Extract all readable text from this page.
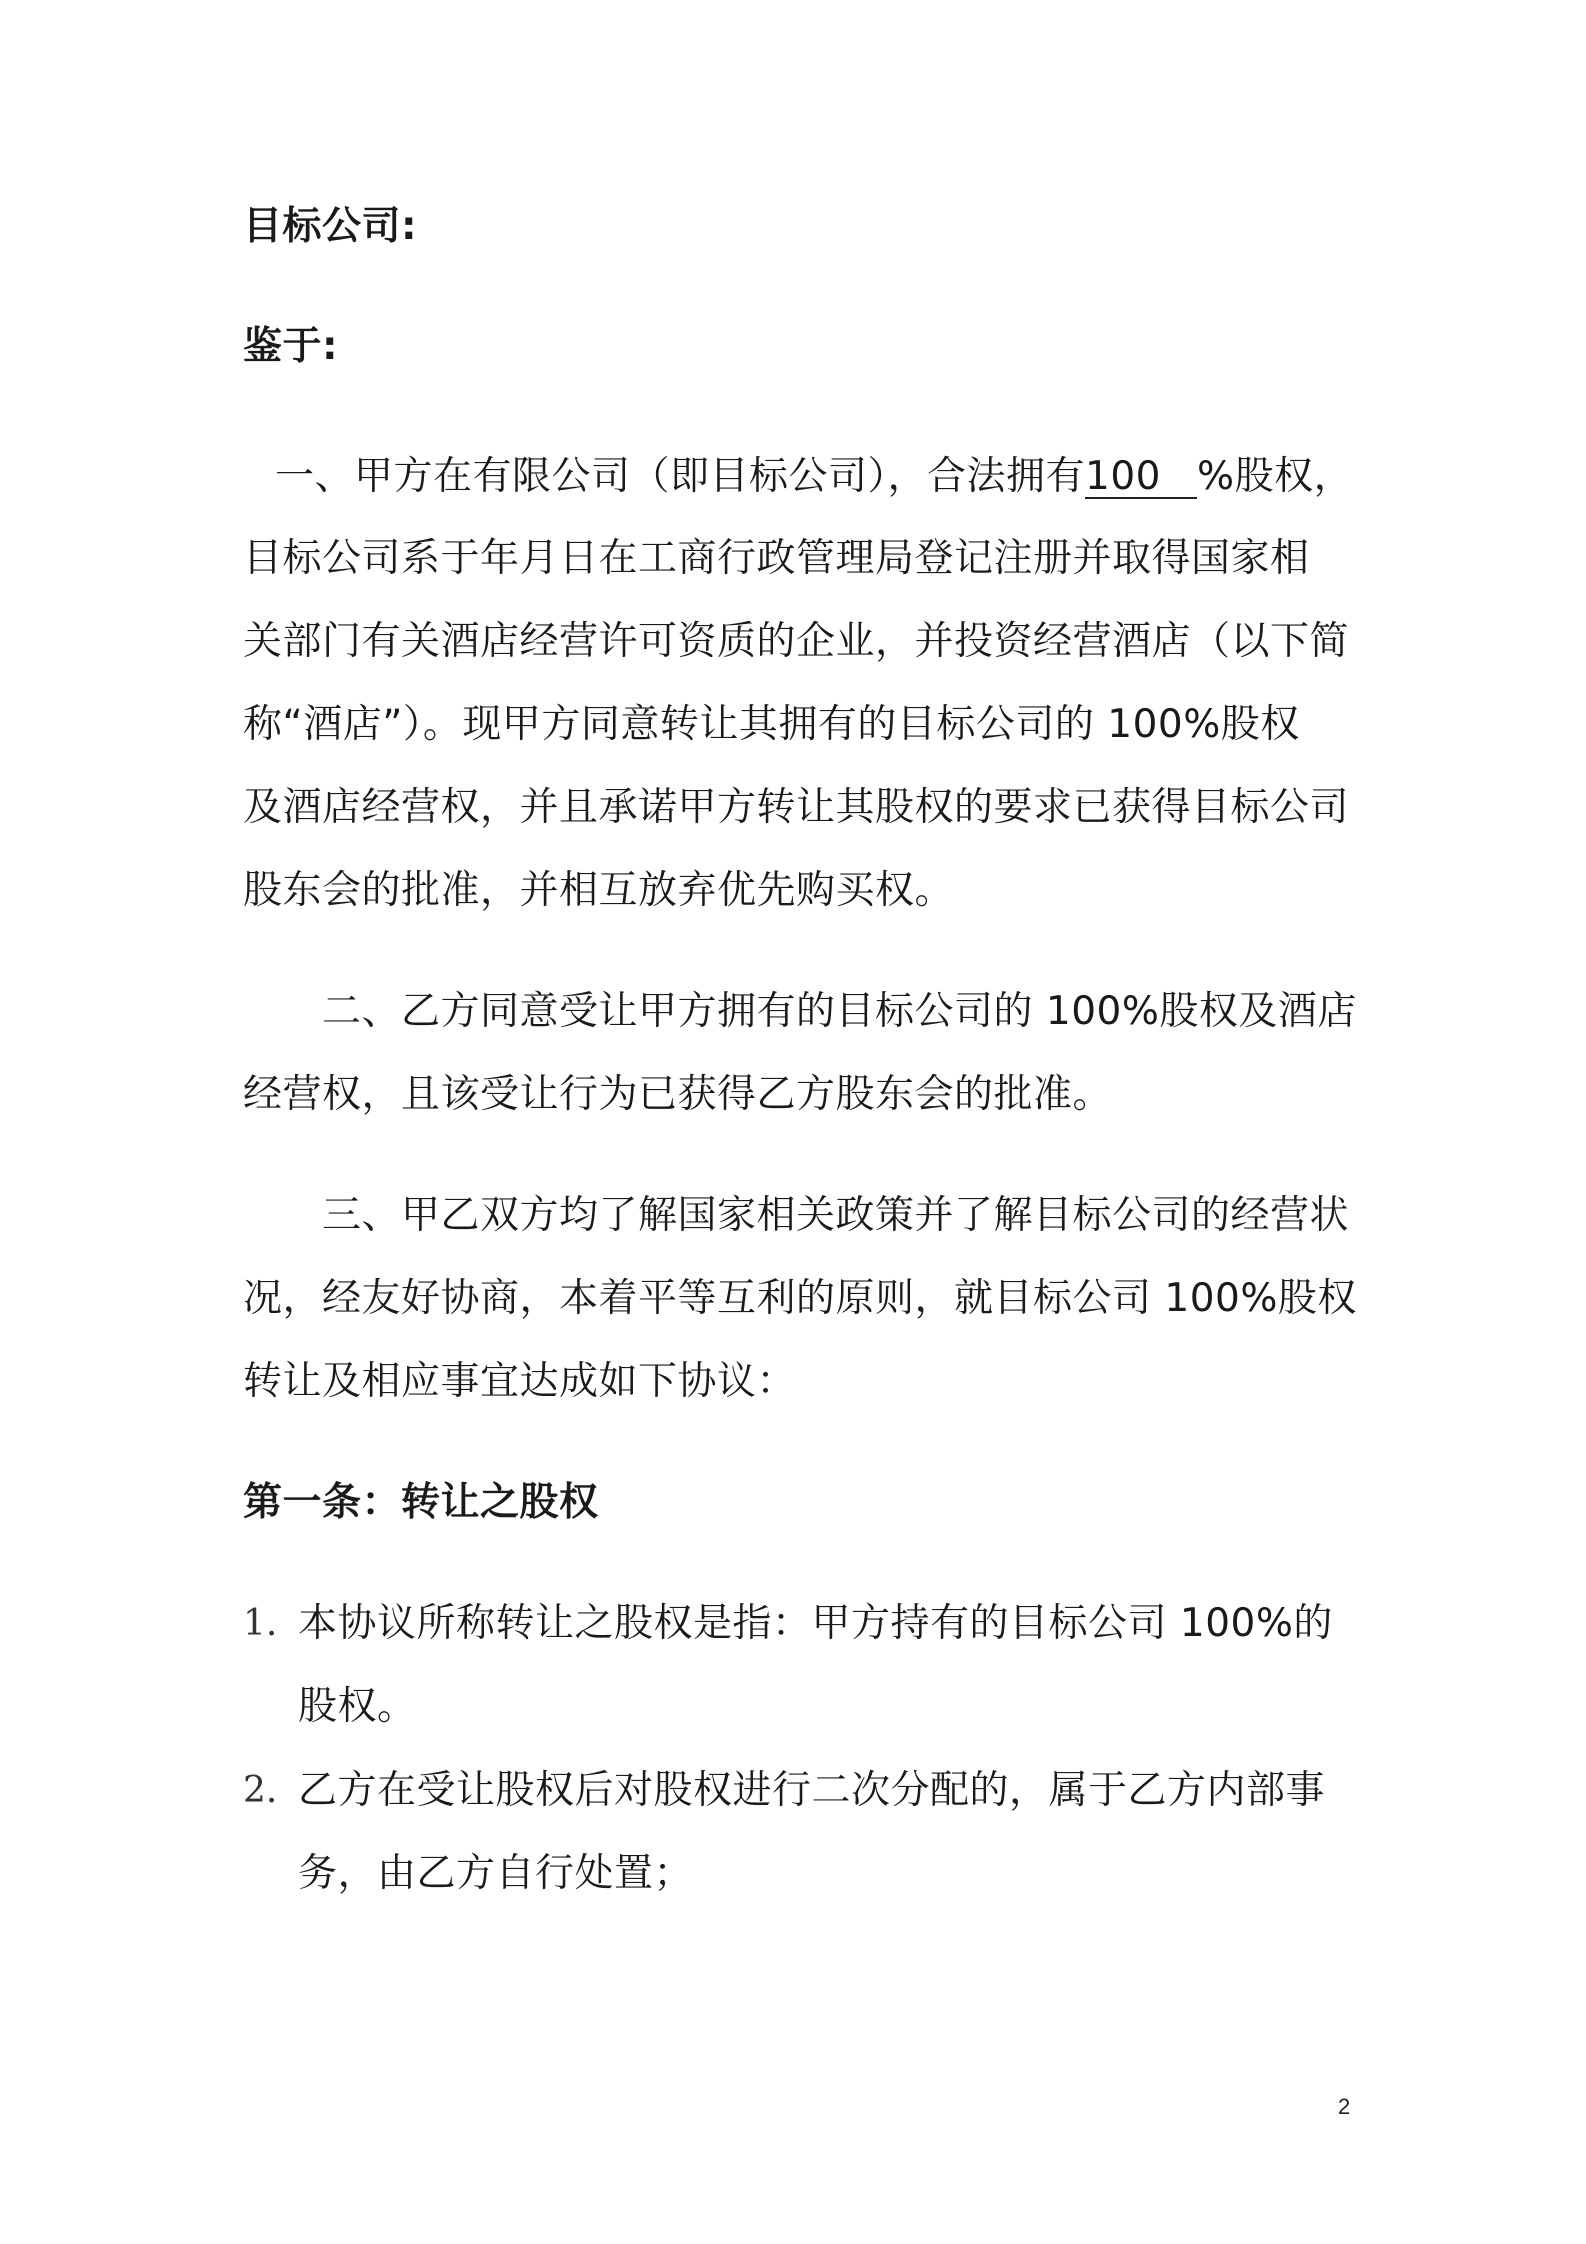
目标公司:
鉴于:
一、甲方在有限公司（即目标公司），合法拥有100 %股权，
目标公司系于年月日在工商行政管理局登记注册并取得国家相
关部门有关酒店经营许可资质的企业，并投资经营酒店（以下简
称“酒店”）。现甲方同意转让其拥有的目标公司的 100%股权
及酒店经营权，并且承诺甲方转让其股权的要求已获得目标公司
股东会的批准，并相互放弃优先购买权。
二、乙方同意受让甲方拥有的目标公司的 100%股权及酒店
经营权，且该受让行为已获得乙方股东会的批准。
三、甲乙双方均了解国家相关政策并了解目标公司的经营状
况，经友好协商，本着平等互利的原则，就目标公司 100%股权
转让及相应事宜达成如下协议：
第一条：转让之股权
1. 本协议所称转让之股权是指：甲方持有的目标公司 100%的
股权。
2. 乙方在受让股权后对股权进行二次分配的，属于乙方内部事
务，由乙方自行处置；
2
